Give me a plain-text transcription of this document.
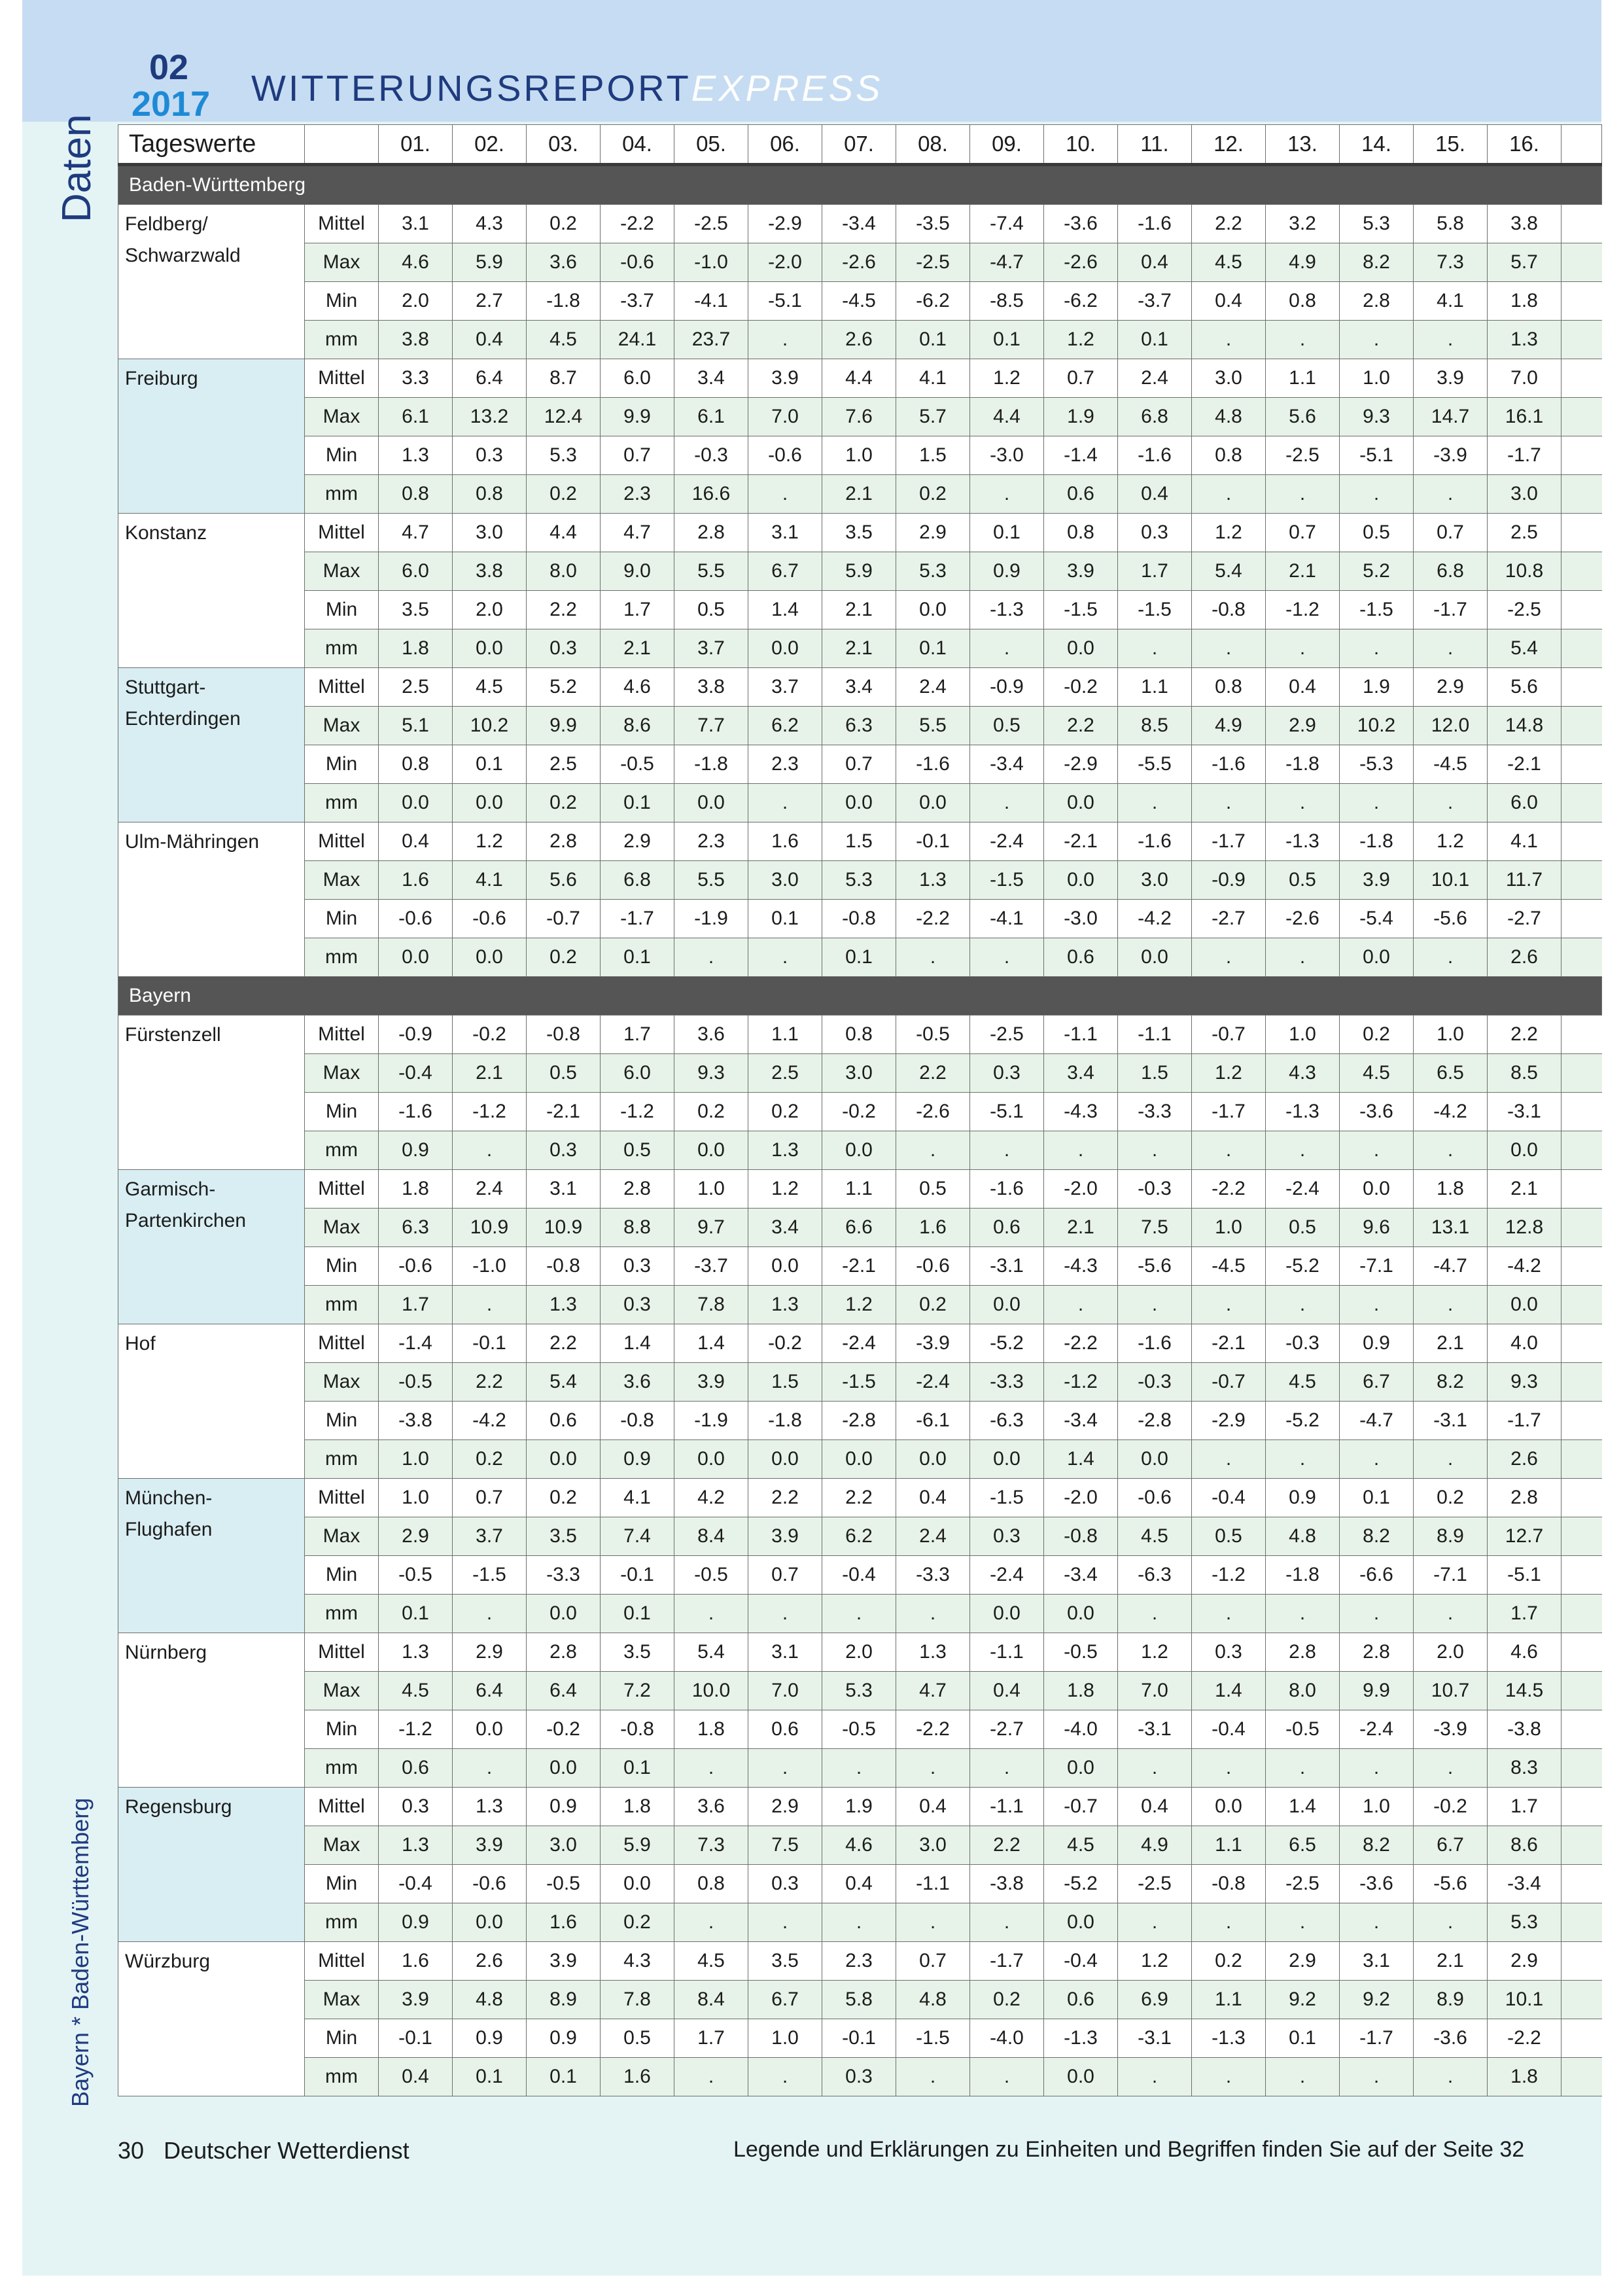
02
2017 WITTERUNGSREPORTEXPRESS
Daten
Bayern * Baden-Württemberg
Tageswerte		01.	02.	03.	04.	05.	06.	07.	08.	09.	10.	11.	12.	13.	14.	15.	16.	
Baden-Württemberg																		
Feldberg/ Schwarzwald	Mittel	3.1	4.3	0.2	-2.2	-2.5	-2.9	-3.4	-3.5	-7.4	-3.6	-1.6	2.2	3.2	5.3	5.8	3.8	
	Max	4.6	5.9	3.6	-0.6	-1.0	-2.0	-2.6	-2.5	-4.7	-2.6	0.4	4.5	4.9	8.2	7.3	5.7	
	Min	2.0	2.7	-1.8	-3.7	-4.1	-5.1	-4.5	-6.2	-8.5	-6.2	-3.7	0.4	0.8	2.8	4.1	1.8	
	mm	3.8	0.4	4.5	24.1	23.7	.	2.6	0.1	0.1	1.2	0.1	.	.	.	.	1.3	
Freiburg	Mittel	3.3	6.4	8.7	6.0	3.4	3.9	4.4	4.1	1.2	0.7	2.4	3.0	1.1	1.0	3.9	7.0	
	Max	6.1	13.2	12.4	9.9	6.1	7.0	7.6	5.7	4.4	1.9	6.8	4.8	5.6	9.3	14.7	16.1	
	Min	1.3	0.3	5.3	0.7	-0.3	-0.6	1.0	1.5	-3.0	-1.4	-1.6	0.8	-2.5	-5.1	-3.9	-1.7	
	mm	0.8	0.8	0.2	2.3	16.6	.	2.1	0.2	.	0.6	0.4	.	.	.	.	3.0	
Konstanz	Mittel	4.7	3.0	4.4	4.7	2.8	3.1	3.5	2.9	0.1	0.8	0.3	1.2	0.7	0.5	0.7	2.5	
	Max	6.0	3.8	8.0	9.0	5.5	6.7	5.9	5.3	0.9	3.9	1.7	5.4	2.1	5.2	6.8	10.8	
	Min	3.5	2.0	2.2	1.7	0.5	1.4	2.1	0.0	-1.3	-1.5	-1.5	-0.8	-1.2	-1.5	-1.7	-2.5	
	mm	1.8	0.0	0.3	2.1	3.7	0.0	2.1	0.1	.	0.0	.	.	.	.	.	5.4	
Stuttgart-Echterdingen	Mittel	2.5	4.5	5.2	4.6	3.8	3.7	3.4	2.4	-0.9	-0.2	1.1	0.8	0.4	1.9	2.9	5.6	
	Max	5.1	10.2	9.9	8.6	7.7	6.2	6.3	5.5	0.5	2.2	8.5	4.9	2.9	10.2	12.0	14.8	
	Min	0.8	0.1	2.5	-0.5	-1.8	2.3	0.7	-1.6	-3.4	-2.9	-5.5	-1.6	-1.8	-5.3	-4.5	-2.1	
	mm	0.0	0.0	0.2	0.1	0.0	.	0.0	0.0	.	0.0	.	.	.	.	.	6.0	
Ulm-Mähringen	Mittel	0.4	1.2	2.8	2.9	2.3	1.6	1.5	-0.1	-2.4	-2.1	-1.6	-1.7	-1.3	-1.8	1.2	4.1	
	Max	1.6	4.1	5.6	6.8	5.5	3.0	5.3	1.3	-1.5	0.0	3.0	-0.9	0.5	3.9	10.1	11.7	
	Min	-0.6	-0.6	-0.7	-1.7	-1.9	0.1	-0.8	-2.2	-4.1	-3.0	-4.2	-2.7	-2.6	-5.4	-5.6	-2.7	
	mm	0.0	0.0	0.2	0.1	.	.	0.1	.	.	0.6	0.0	.	.	0.0	.	2.6	
Bayern																		
Fürstenzell	Mittel	-0.9	-0.2	-0.8	1.7	3.6	1.1	0.8	-0.5	-2.5	-1.1	-1.1	-0.7	1.0	0.2	1.0	2.2	
	Max	-0.4	2.1	0.5	6.0	9.3	2.5	3.0	2.2	0.3	3.4	1.5	1.2	4.3	4.5	6.5	8.5	
	Min	-1.6	-1.2	-2.1	-1.2	0.2	0.2	-0.2	-2.6	-5.1	-4.3	-3.3	-1.7	-1.3	-3.6	-4.2	-3.1	
	mm	0.9	.	0.3	0.5	0.0	1.3	0.0	.	.	.	.	.	.	.	.	0.0	
Garmisch-Partenkirchen	Mittel	1.8	2.4	3.1	2.8	1.0	1.2	1.1	0.5	-1.6	-2.0	-0.3	-2.2	-2.4	0.0	1.8	2.1	
	Max	6.3	10.9	10.9	8.8	9.7	3.4	6.6	1.6	0.6	2.1	7.5	1.0	0.5	9.6	13.1	12.8	
	Min	-0.6	-1.0	-0.8	0.3	-3.7	0.0	-2.1	-0.6	-3.1	-4.3	-5.6	-4.5	-5.2	-7.1	-4.7	-4.2	
	mm	1.7	.	1.3	0.3	7.8	1.3	1.2	0.2	0.0	.	.	.	.	.	.	0.0	
Hof	Mittel	-1.4	-0.1	2.2	1.4	1.4	-0.2	-2.4	-3.9	-5.2	-2.2	-1.6	-2.1	-0.3	0.9	2.1	4.0	
	Max	-0.5	2.2	5.4	3.6	3.9	1.5	-1.5	-2.4	-3.3	-1.2	-0.3	-0.7	4.5	6.7	8.2	9.3	
	Min	-3.8	-4.2	0.6	-0.8	-1.9	-1.8	-2.8	-6.1	-6.3	-3.4	-2.8	-2.9	-5.2	-4.7	-3.1	-1.7	
	mm	1.0	0.2	0.0	0.9	0.0	0.0	0.0	0.0	0.0	1.4	0.0	.	.	.	.	2.6	
München-Flughafen	Mittel	1.0	0.7	0.2	4.1	4.2	2.2	2.2	0.4	-1.5	-2.0	-0.6	-0.4	0.9	0.1	0.2	2.8	
	Max	2.9	3.7	3.5	7.4	8.4	3.9	6.2	2.4	0.3	-0.8	4.5	0.5	4.8	8.2	8.9	12.7	
	Min	-0.5	-1.5	-3.3	-0.1	-0.5	0.7	-0.4	-3.3	-2.4	-3.4	-6.3	-1.2	-1.8	-6.6	-7.1	-5.1	
	mm	0.1	.	0.0	0.1	.	.	.	.	0.0	0.0	.	.	.	.	.	1.7	
Nürnberg	Mittel	1.3	2.9	2.8	3.5	5.4	3.1	2.0	1.3	-1.1	-0.5	1.2	0.3	2.8	2.8	2.0	4.6	
	Max	4.5	6.4	6.4	7.2	10.0	7.0	5.3	4.7	0.4	1.8	7.0	1.4	8.0	9.9	10.7	14.5	
	Min	-1.2	0.0	-0.2	-0.8	1.8	0.6	-0.5	-2.2	-2.7	-4.0	-3.1	-0.4	-0.5	-2.4	-3.9	-3.8	
	mm	0.6	.	0.0	0.1	.	.	.	.	.	0.0	.	.	.	.	.	8.3	
Regensburg	Mittel	0.3	1.3	0.9	1.8	3.6	2.9	1.9	0.4	-1.1	-0.7	0.4	0.0	1.4	1.0	-0.2	1.7	
	Max	1.3	3.9	3.0	5.9	7.3	7.5	4.6	3.0	2.2	4.5	4.9	1.1	6.5	8.2	6.7	8.6	
	Min	-0.4	-0.6	-0.5	0.0	0.8	0.3	0.4	-1.1	-3.8	-5.2	-2.5	-0.8	-2.5	-3.6	-5.6	-3.4	
	mm	0.9	0.0	1.6	0.2	.	.	.	.	.	0.0	.	.	.	.	.	5.3	
Würzburg	Mittel	1.6	2.6	3.9	4.3	4.5	3.5	2.3	0.7	-1.7	-0.4	1.2	0.2	2.9	3.1	2.1	2.9	
	Max	3.9	4.8	8.9	7.8	8.4	6.7	5.8	4.8	0.2	0.6	6.9	1.1	9.2	9.2	8.9	10.1	
	Min	-0.1	0.9	0.9	0.5	1.7	1.0	-0.1	-1.5	-4.0	-1.3	-3.1	-1.3	0.1	-1.7	-3.6	-2.2	
	mm	0.4	0.1	0.1	1.6	.	.	0.3	.	.	0.0	.	.	.	.	.	1.8	
30 Deutscher Wetterdienst	Legende und Erklärungen zu Einheiten und Begriffen finden Sie auf der Seite 32
